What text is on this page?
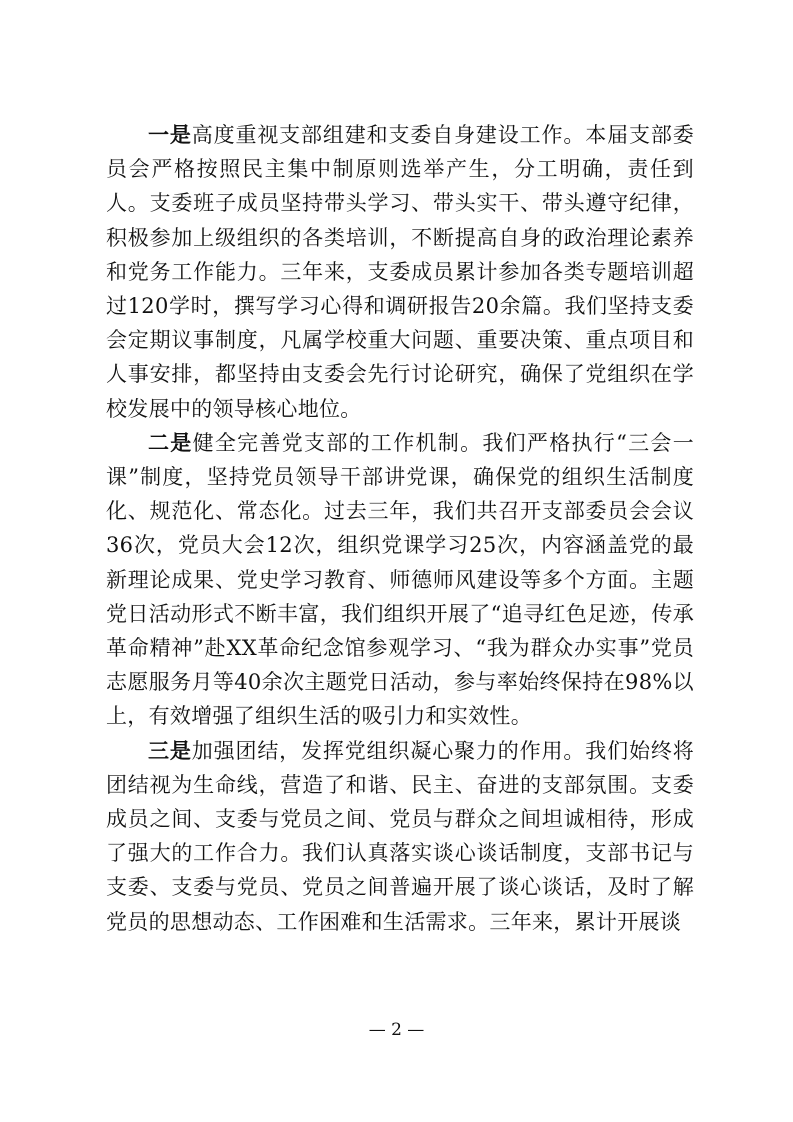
一是高度重视支部组建和支委自身建设工作。本届支部委员会严格按照民主集中制原则选举产生，分工明确，责任到人。支委班子成员坚持带头学习、带头实干、带头遵守纪律，积极参加上级组织的各类培训，不断提高自身的政治理论素养和党务工作能力。三年来，支委成员累计参加各类专题培训超过120学时，撰写学习心得和调研报告20余篇。我们坚持支委会定期议事制度，凡属学校重大问题、重要决策、重点项目和人事安排，都坚持由支委会先行讨论研究，确保了党组织在学校发展中的领导核心地位。

二是健全完善党支部的工作机制。我们严格执行“三会一课”制度，坚持党员领导干部讲党课，确保党的组织生活制度化、规范化、常态化。过去三年，我们共召开支部委员会会议36次，党员大会12次，组织党课学习25次，内容涵盖党的最新理论成果、党史学习教育、师德师风建设等多个方面。主题党日活动形式不断丰富，我们组织开展了“追寻红色足迹，传承革命精神”赴XX革命纪念馆参观学习、“我为群众办实事”党员志愿服务月等40余次主题党日活动，参与率始终保持在98%以上，有效增强了组织生活的吸引力和实效性。

三是加强团结，发挥党组织凝心聚力的作用。我们始终将团结视为生命线，营造了和谐、民主、奋进的支部氛围。支委成员之间、支委与党员之间、党员与群众之间坦诚相待，形成了强大的工作合力。我们认真落实谈心谈话制度，支部书记与支委、支委与党员、党员之间普遍开展了谈心谈话，及时了解党员的思想动态、工作困难和生活需求。三年来，累计开展谈

— 2 —
